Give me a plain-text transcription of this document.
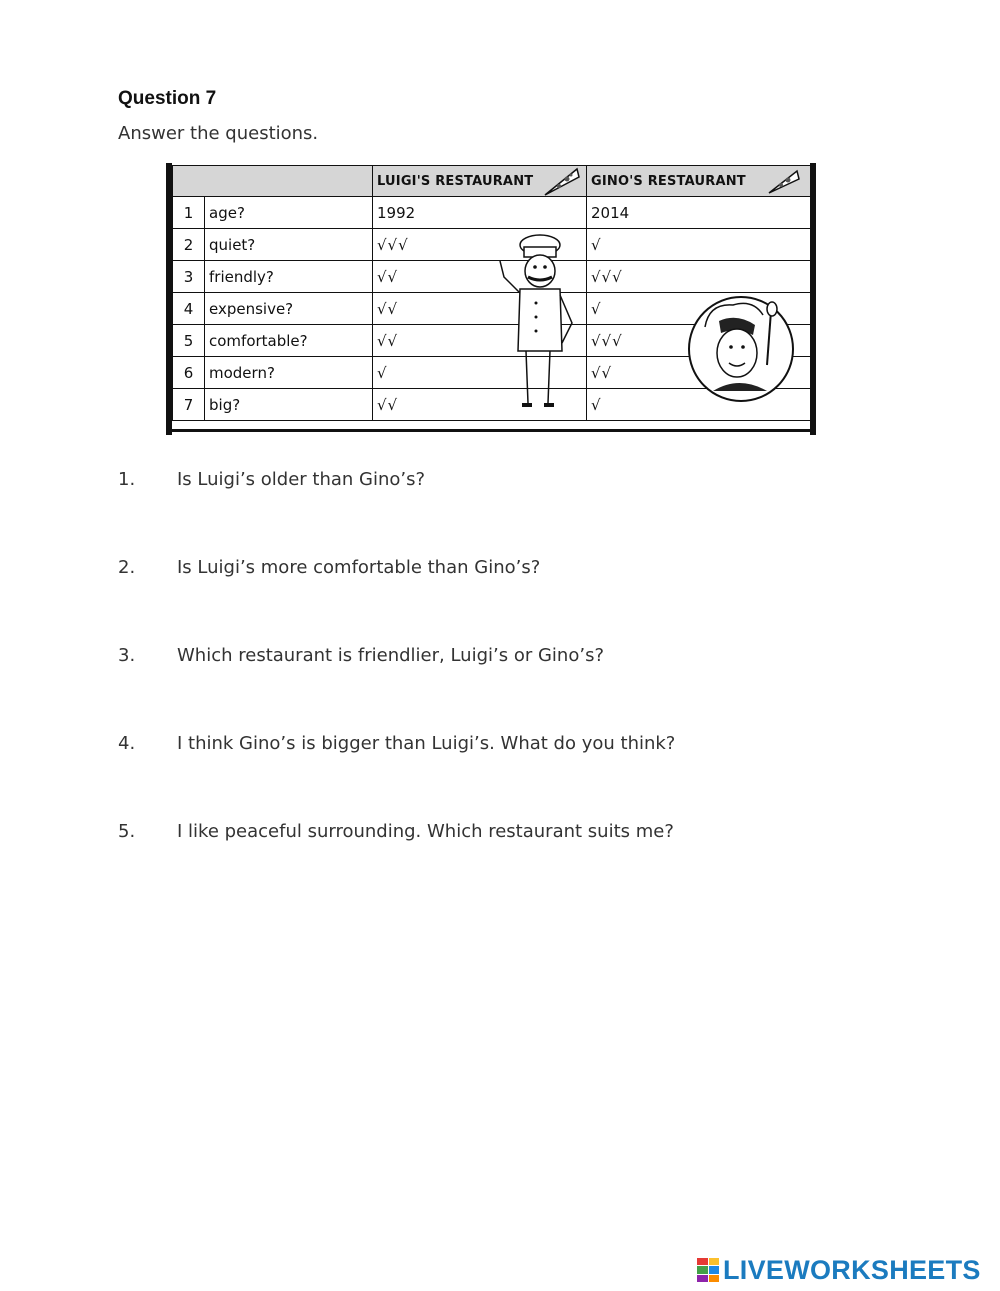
Question 7
Answer the questions.
		LUIGI'S RESTAURANT	GINO'S RESTAURANT
1	age?	1992	2014
2	quiet?	√√√	√
3	friendly?	√√	√√√
4	expensive?	√√	√
5	comfortable?	√√	√√√
6	modern?	√	√√
7	big?	√√	√
1.	Is Luigi’s older than Gino’s?
2.	Is Luigi’s more comfortable than Gino’s?
3.	Which restaurant is friendlier, Luigi’s or Gino’s?
4.	I think Gino’s is bigger than Luigi’s. What do you think?
5.	I like peaceful surrounding. Which restaurant suits me?
LIVEWORKSHEETS
